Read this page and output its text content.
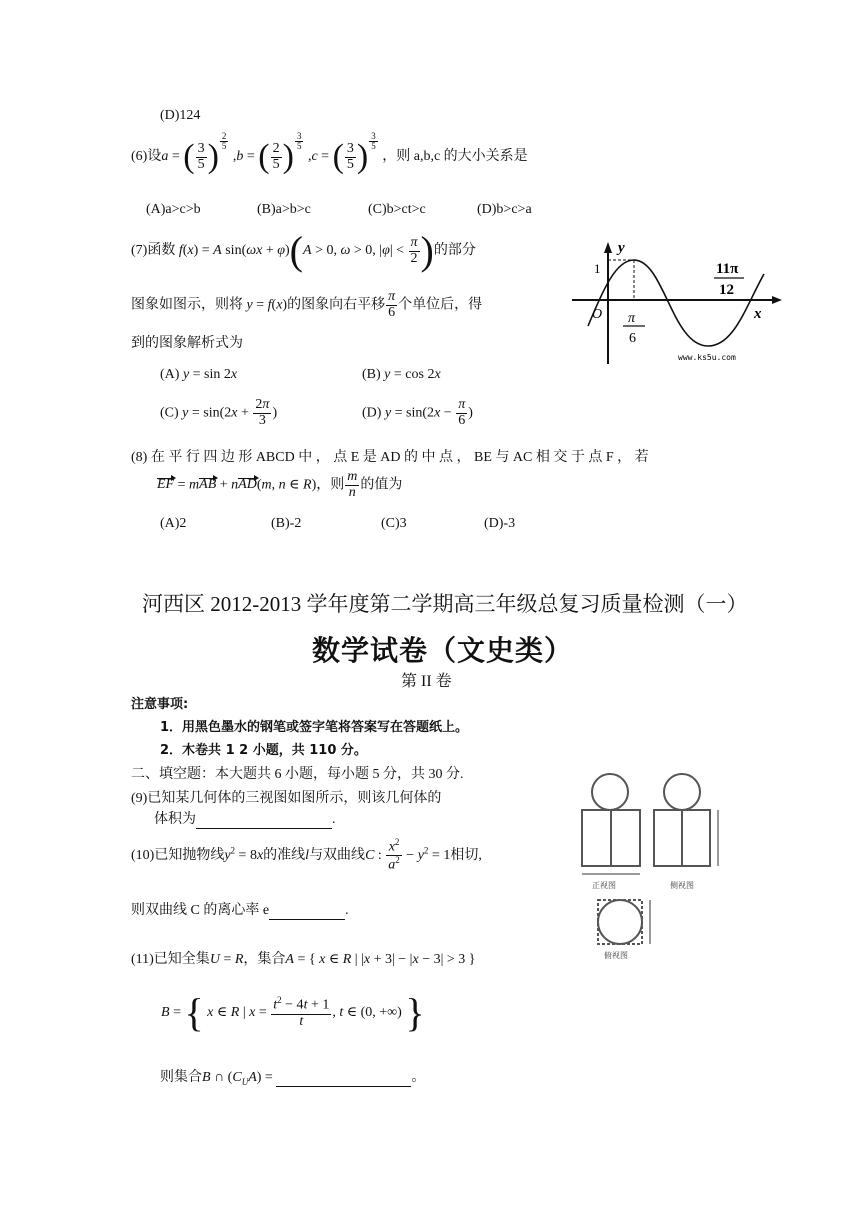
(D)124
(6)设a = ( $\frac{3}{5}$ ) $^{\frac{2}{5}}$
,b = ( $\frac{2}{5}$ ) $^{\frac{3}{5}}$
,c = ( $\frac{3}{5}$ ) $^{\frac{3}{5}}$
，则 a,b,c 的大小关系是
(A)a>c>b	(B)a>b>c	(C)b>ct>c	(D)b>c>a
(7)函数 f(x) = A sin(ωx + φ)(A > 0, ω > 0, $|\varphi| < \frac{\pi}{2}$ )的部分
图象如图示，则将 y = f(x)的图象向右平移 $\frac{\pi}{6}$ 个单位后，得
到的图象解析式为
(A) y = sin 2x	(B) y = cos 2x
(C) $y = \sin(2x + \frac{2\pi}{3}$ )	(D) $y = \sin(2x - \frac{\pi}{6}$ )
y
x
O
1
π
6
11π
12
www.ks5u.com
(8) 在 平 行 四 边 形 ABCD 中 ， 点 E 是 AD 的 中 点 ， BE 与 AC 相 交 于 点 F ， 若
EF = mAB + nAD(m, n ∈ R)，则 $\frac{m}{n}$ 的值为
(A)2	(B)-2	(C)3	(D)-3
河西区 2012-2013 学年度第二学期高三年级总复习质量检测（一）
数学试卷（文史类）
第 II 卷
注意事项:
1．用黑色墨水的钢笔或签字笔将答案写在答题纸上。
2．木卷共 1 2 小题，共 110 分。
二、填空题：本大题共 6 小题，每小题 5 分，共 30 分.
(9)已知某几何体的三视图如图所示，则该几何体的
体积为	.
(10)已知抛物线$y^2 = 8x$的准线l与双曲线C : $\frac{x^2}{a^2} - y^2 = 1$相切,
则双曲线 C 的离心率 e	.
(11)已知全集U = R，集合A = { x ∈ R | |x + 3| − |x − 3| > 3 }
B = { x ∈ R | $x = \frac{t^2 - 4t + 1}{t}$ , t ∈ (0, +∞) }
则集合B ∩ $(C_UA)$ =	。
正视图	侧视图
俯视图
